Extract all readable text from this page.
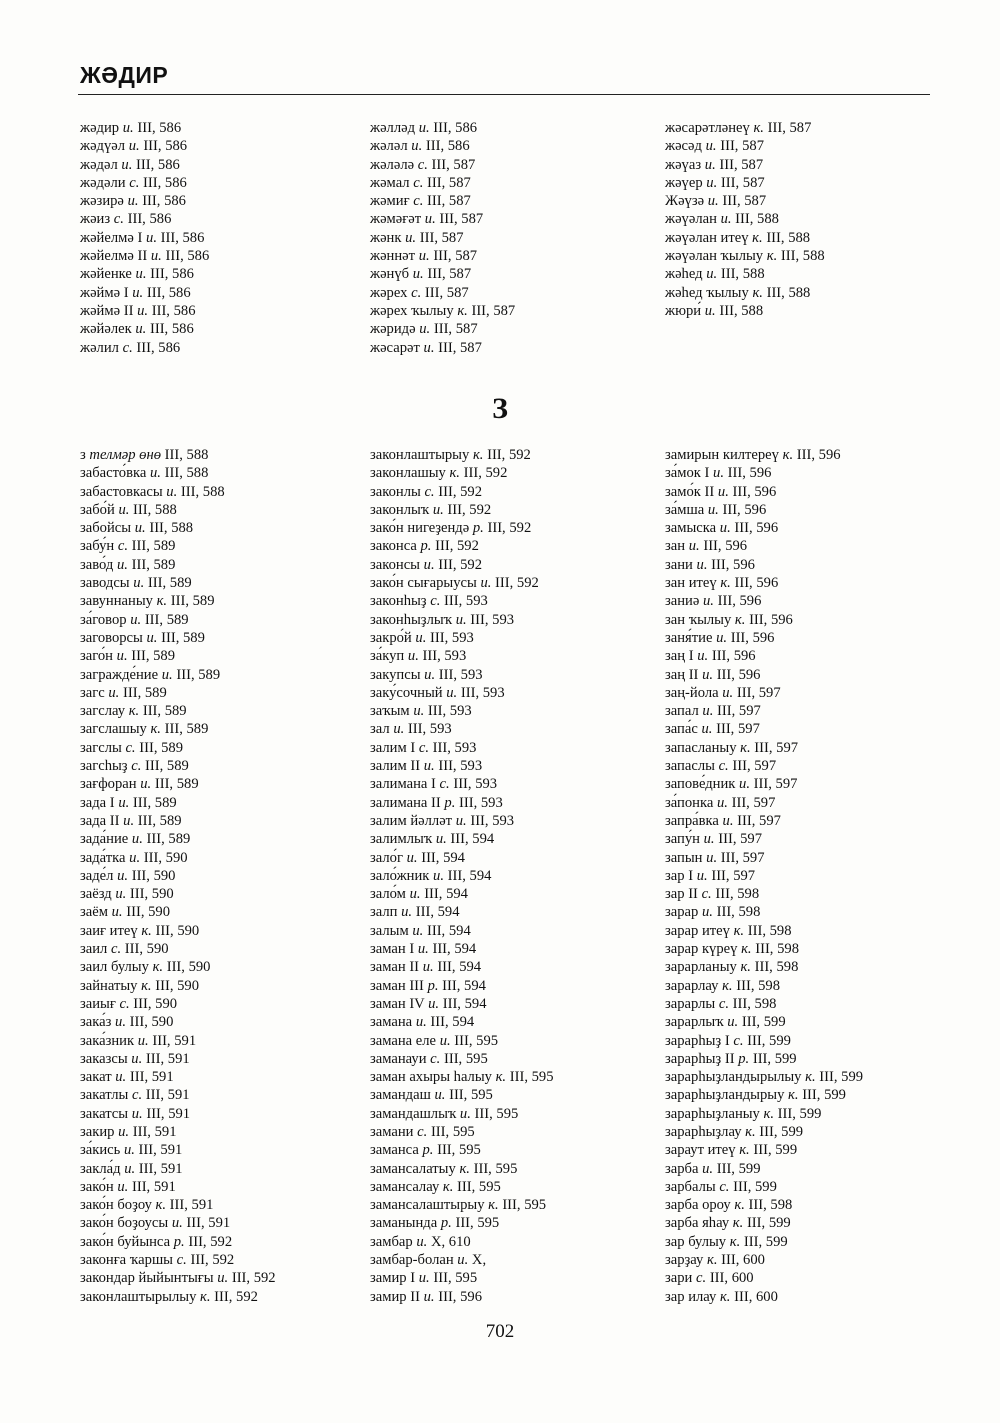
ЖӘДИР
жәдир и. III, 586
жәдүәл и. III, 586
жәдәл и. III, 586
жәдәли с. III, 586
жәзирә и. III, 586
жәиз с. III, 586
жәйелмә I и. III, 586
жәйелмә II и. III, 586
жәйенке и. III, 586
жәймә I и. III, 586
жәймә II и. III, 586
жәйәлек и. III, 586
жәлил с. III, 586
жәлләд и. III, 586
жәләл и. III, 586
жәләлә с. III, 587
жәмал с. III, 587
жәмиғ с. III, 587
жәмәғәт и. III, 587
жәнк и. III, 587
жәннәт и. III, 587
жәнүб и. III, 587
жәрех с. III, 587
жәрех ҡылыу к. III, 587
жәридә и. III, 587
жәсарәт и. III, 587
жәсарәтләнеү к. III, 587
жәсәд и. III, 587
жәүаз и. III, 587
жәүер и. III, 587
Жәүзә и. III, 587
жәүәлан и. III, 588
жәүәлан итеү к. III, 588
жәүәлан ҡылыу к. III, 588
жәһед и. III, 588
жәһед ҡылыу к. III, 588
жюри́ и. III, 588
З
з телмәр өнө III, 588
забасто́вка и. III, 588
забастовкасы и. III, 588
забо́й и. III, 588
забойсы и. III, 588
забу́н с. III, 589
заво́д и. III, 589
заводсы и. III, 589
завуннаныу к. III, 589
за́говор и. III, 589
заговорсы и. III, 589
заго́н и. III, 589
загражде́ние и. III, 589
загс и. III, 589
загслау к. III, 589
загслашыу к. III, 589
загслы с. III, 589
загсһыҙ с. III, 589
зағфоран и. III, 589
зада I и. III, 589
зада II и. III, 589
зада́ние и. III, 589
зада́тка и. III, 590
заде́л и. III, 590
заёзд и. III, 590
заём и. III, 590
заиғ итеү к. III, 590
заил с. III, 590
заил булыу к. III, 590
зайнатыу к. III, 590
заиығ с. III, 590
зака́з и. III, 590
зака́зник и. III, 591
заказсы и. III, 591
закат и. III, 591
закатлы с. III, 591
закатсы и. III, 591
закир и. III, 591
за́кись и. III, 591
закла́д и. III, 591
зако́н и. III, 591
зако́н боҙоу к. III, 591
зако́н боҙоусы и. III, 591
зако́н буйынса р. III, 592
законға ҡаршы с. III, 592
закондар йыйынтығы и. III, 592
законлаштырылыу к. III, 592
законлаштырыу к. III, 592
законлашыу к. III, 592
законлы с. III, 592
законлыҡ и. III, 592
зако́н нигеҙендә р. III, 592
законса р. III, 592
законсы и. III, 592
зако́н сығарыусы и. III, 592
законһыҙ с. III, 593
законһыҙлыҡ и. III, 593
закро́й и. III, 593
за́куп и. III, 593
закупсы и. III, 593
заку́сочный и. III, 593
заҡым и. III, 593
зал и. III, 593
залим I с. III, 593
залим II и. III, 593
залимана I с. III, 593
залимана II р. III, 593
залим йәлләт и. III, 593
залимлыҡ и. III, 594
зало́г и. III, 594
зало́жник и. III, 594
зало́м и. III, 594
залп и. III, 594
залым и. III, 594
заман I и. III, 594
заман II и. III, 594
заман III р. III, 594
заман IV и. III, 594
замана и. III, 594
замана еле и. III, 595
заманауи с. III, 595
заман ахыры һалыу к. III, 595
замандаш и. III, 595
замандашлыҡ и. III, 595
замани с. III, 595
заманса р. III, 595
замансалатыу к. III, 595
замансалау к. III, 595
замансалаштырыу к. III, 595
заманында р. III, 595
замбар и. X, 610
замбар-болан и. X,
замир I и. III, 595
замир II и. III, 596
замирын килтереү к. III, 596
за́мок I и. III, 596
замо́к II и. III, 596
за́мша и. III, 596
замыска и. III, 596
зан и. III, 596
зани и. III, 596
зан итеү к. III, 596
заниә и. III, 596
зан ҡылыу к. III, 596
заня́тие и. III, 596
заң I и. III, 596
заң II и. III, 596
заң-йола и. III, 597
запал и. III, 597
запа́с и. III, 597
запасланыу к. III, 597
запаслы с. III, 597
запове́дник и. III, 597
за́понка и. III, 597
запра́вка и. III, 597
запу́н и. III, 597
запын и. III, 597
зар I и. III, 597
зар II с. III, 598
зарар и. III, 598
зарар итеү к. III, 598
зарар күреү к. III, 598
зарарланыу к. III, 598
зарарлау к. III, 598
зарарлы с. III, 598
зарарлыҡ и. III, 599
зарарһыҙ I с. III, 599
зарарһыҙ II р. III, 599
зарарһыҙландырылыу к. III, 599
зарарһыҙландырыу к. III, 599
зарарһыҙланыу к. III, 599
зарарһыҙлау к. III, 599
зараут итеү к. III, 599
зарба и. III, 599
зарбалы с. III, 599
зарба ороу к. III, 598
зарба яһау к. III, 599
зар булыу к. III, 599
зарҙау к. III, 600
зари с. III, 600
зар илау к. III, 600
702
